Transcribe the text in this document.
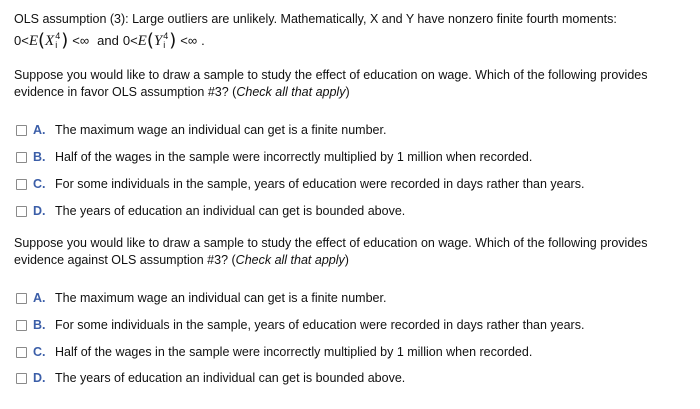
OLS assumption (3): Large outliers are unlikely. Mathematically, X and Y have nonzero finite fourth moments:
0 < E ( X 4
i ) < ∞ and 0 < E ( Y 4
i ) < ∞ .
Suppose you would like to draw a sample to study the effect of education on wage. Which of the following provides
evidence in favor OLS assumption #3? (Check all that apply)
A. The maximum wage an individual can get is a finite number.
B. Half of the wages in the sample were incorrectly multiplied by 1 million when recorded.
C. For some individuals in the sample, years of education were recorded in days rather than years.
D. The years of education an individual can get is bounded above.
Suppose you would like to draw a sample to study the effect of education on wage. Which of the following provides
evidence against OLS assumption #3? (Check all that apply)
A. The maximum wage an individual can get is a finite number.
B. For some individuals in the sample, years of education were recorded in days rather than years.
C. Half of the wages in the sample were incorrectly multiplied by 1 million when recorded.
D. The years of education an individual can get is bounded above.
